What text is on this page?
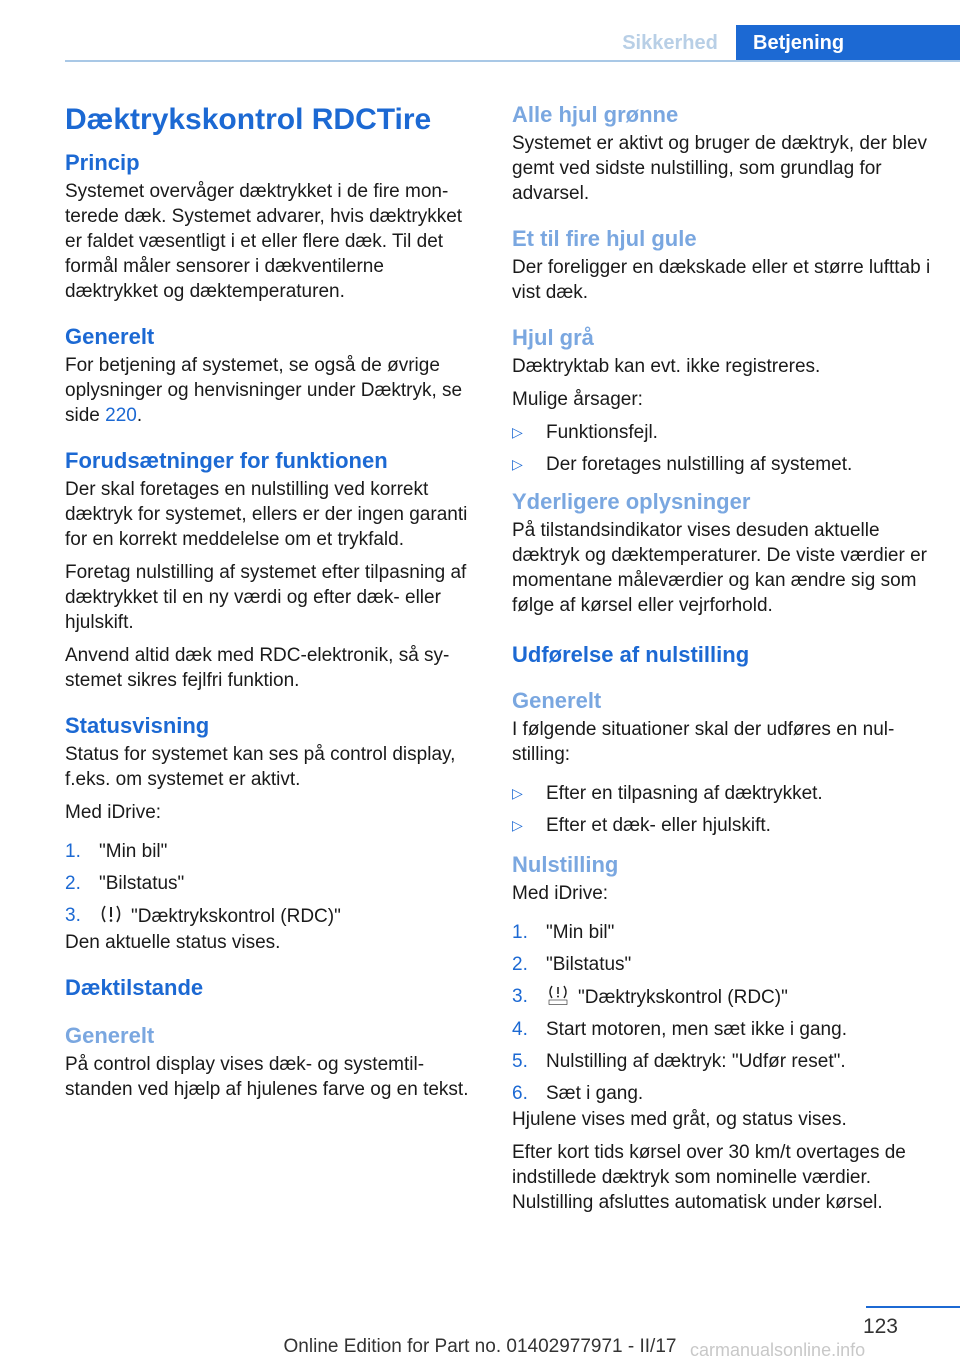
Sikkerhed	Betjening
Dæktrykskontrol RDCTire
Princip
Systemet overvåger dæktrykket i de fire monterede dæk. Systemet advarer, hvis dæktrykket er faldet væsentligt i et eller flere dæk. Til det formål måler sensorer i dækventilerne dæktrykket og dæktemperaturen.
Generelt
For betjening af systemet, se også de øvrige oplysninger og henvisninger under Dæktryk, se side 220.
Forudsætninger for funktionen
Der skal foretages en nulstilling ved korrekt dæktryk for systemet, ellers er der ingen garanti for en korrekt meddelelse om et trykfald.
Foretag nulstilling af systemet efter tilpasning af dæktrykket til en ny værdi og efter dæk- eller hjulskift.
Anvend altid dæk med RDC-elektronik, så systemet sikres fejlfri funktion.
Statusvisning
Status for systemet kan ses på control display, f.eks. om systemet er aktivt.
Med iDrive:
1. "Min bil"
2. "Bilstatus"
3.	"Dæktrykskontrol (RDC)"
Den aktuelle status vises.
Dæktilstande
Generelt
På control display vises dæk- og systemtilstanden ved hjælp af hjulenes farve og en tekst.
Alle hjul grønne
Systemet er aktivt og bruger de dæktryk, der blev gemt ved sidste nulstilling, som grundlag for advarsel.
Et til fire hjul gule
Der foreligger en dækskade eller et større lufttab i vist dæk.
Hjul grå
Dæktryktab kan evt. ikke registreres.
Mulige årsager:
▷	Funktionsfejl.
▷	Der foretages nulstilling af systemet.
Yderligere oplysninger
På tilstandsindikator vises desuden aktuelle dæktryk og dæktemperaturer. De viste værdier er momentane måleværdier og kan ændre sig som følge af kørsel eller vejrforhold.
Udførelse af nulstilling
Generelt
I følgende situationer skal der udføres en nulstilling:
▷	Efter en tilpasning af dæktrykket.
▷	Efter et dæk- eller hjulskift.
Nulstilling
Med iDrive:
1. "Min bil"
2. "Bilstatus"
3.	"Dæktrykskontrol (RDC)"
4. Start motoren, men sæt ikke i gang.
5. Nulstilling af dæktryk: "Udfør reset".
6. Sæt i gang.
Hjulene vises med gråt, og status vises.
Efter kort tids kørsel over 30 km/t overtages de indstillede dæktryk som nominelle værdier. Nulstilling afsluttes automatisk under kørsel.
123
Online Edition for Part no. 01402977971 - II/17 carmanualsonline.info
